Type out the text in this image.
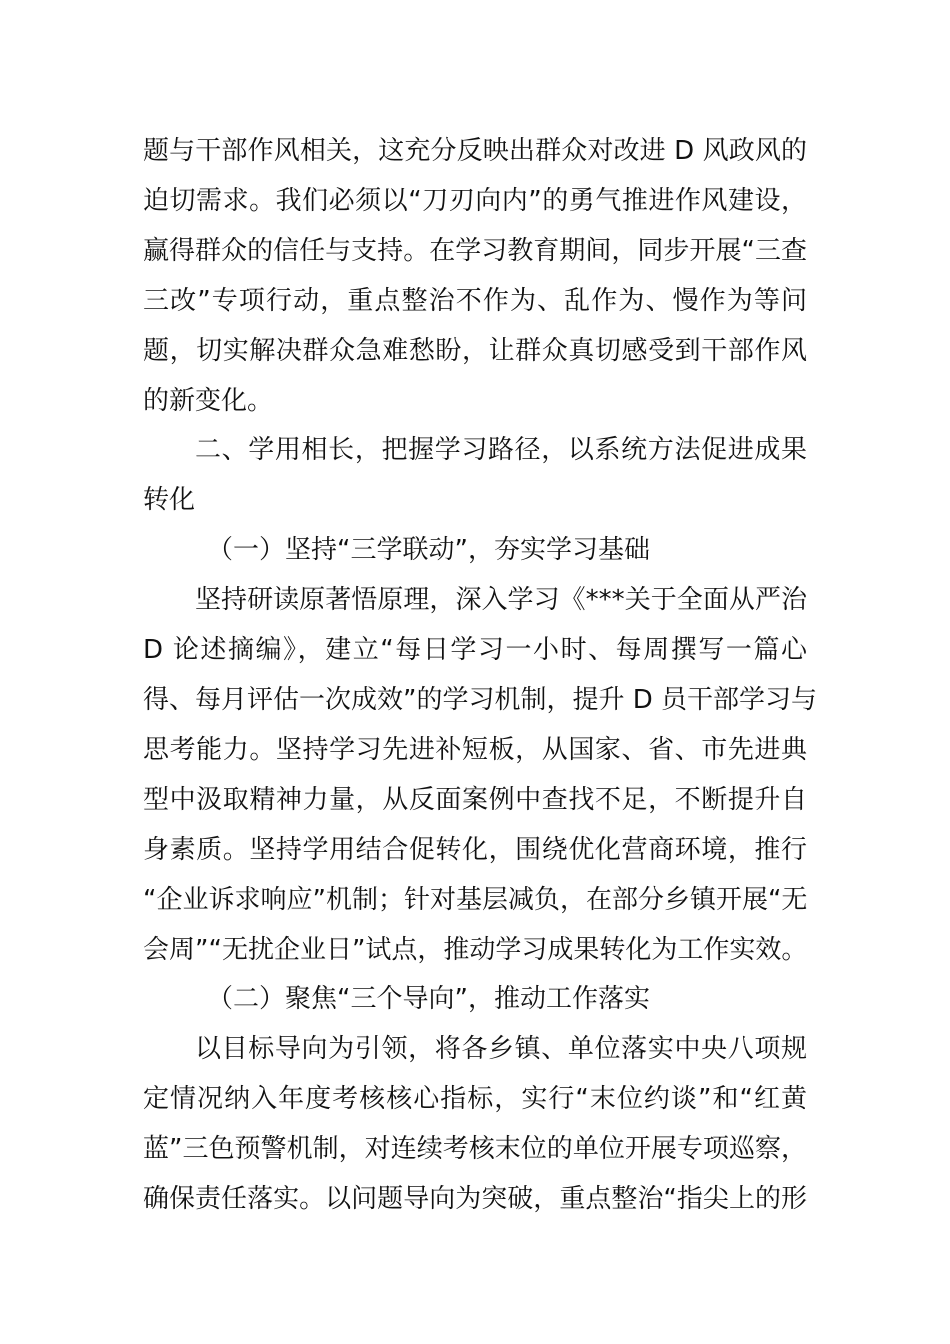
题与干部作风相关，这充分反映出群众对改进 D 风政风的
迫切需求。我们必须以“刀刃向内”的勇气推进作风建设，
赢得群众的信任与支持。在学习教育期间，同步开展“三查
三改”专项行动，重点整治不作为、乱作为、慢作为等问
题，切实解决群众急难愁盼，让群众真切感受到干部作风
的新变化。
二、学用相长，把握学习路径，以系统方法促进成果
转化
（一）坚持“三学联动”，夯实学习基础
坚持研读原著悟原理，深入学习《***关于全面从严治
D 论述摘编》，建立“每日学习一小时、每周撰写一篇心
得、每月评估一次成效”的学习机制，提升 D 员干部学习与
思考能力。坚持学习先进补短板，从国家、省、市先进典
型中汲取精神力量，从反面案例中查找不足，不断提升自
身素质。坚持学用结合促转化，围绕优化营商环境，推行
“企业诉求响应”机制；针对基层减负，在部分乡镇开展“无
会周”“无扰企业日”试点，推动学习成果转化为工作实效。
（二）聚焦“三个导向”，推动工作落实
以目标导向为引领，将各乡镇、单位落实中央八项规
定情况纳入年度考核核心指标，实行“末位约谈”和“红黄
蓝”三色预警机制，对连续考核末位的单位开展专项巡察，
确保责任落实。以问题导向为突破，重点整治“指尖上的形
